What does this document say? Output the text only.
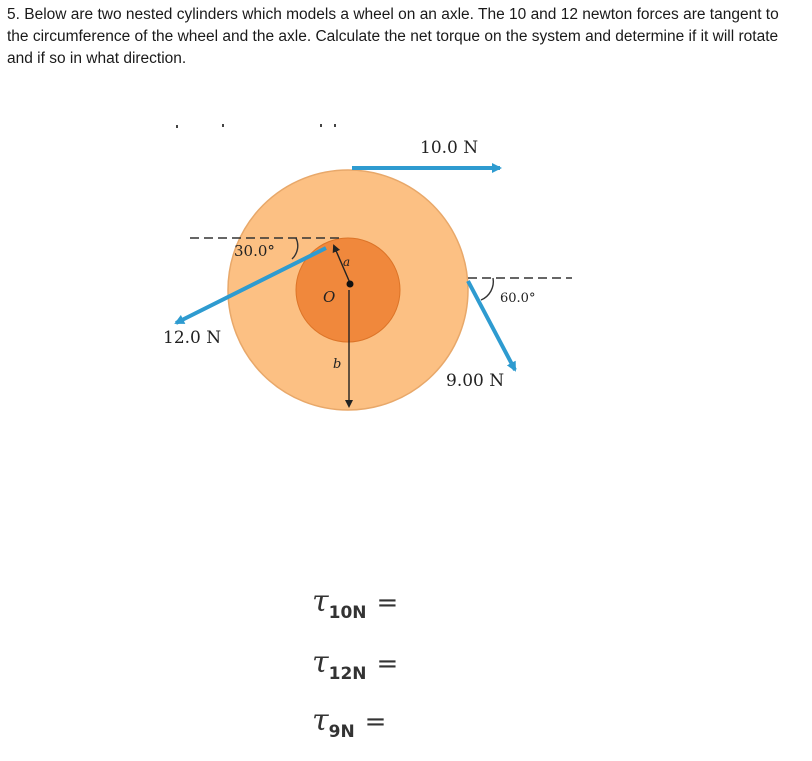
5. Below are two nested cylinders which models a wheel on an axle. The 10 and 12 newton forces are tangent to the circumference of the wheel and the axle. Calculate the net torque on the system and determine if it will rotate and if so in what direction.
10.0 N
12.0 N
9.00 N
30.0°
60.0°
O
a
b
$\tau_{10N}$ =
$\tau_{12N}$ =
$\tau_{9N}$ =
